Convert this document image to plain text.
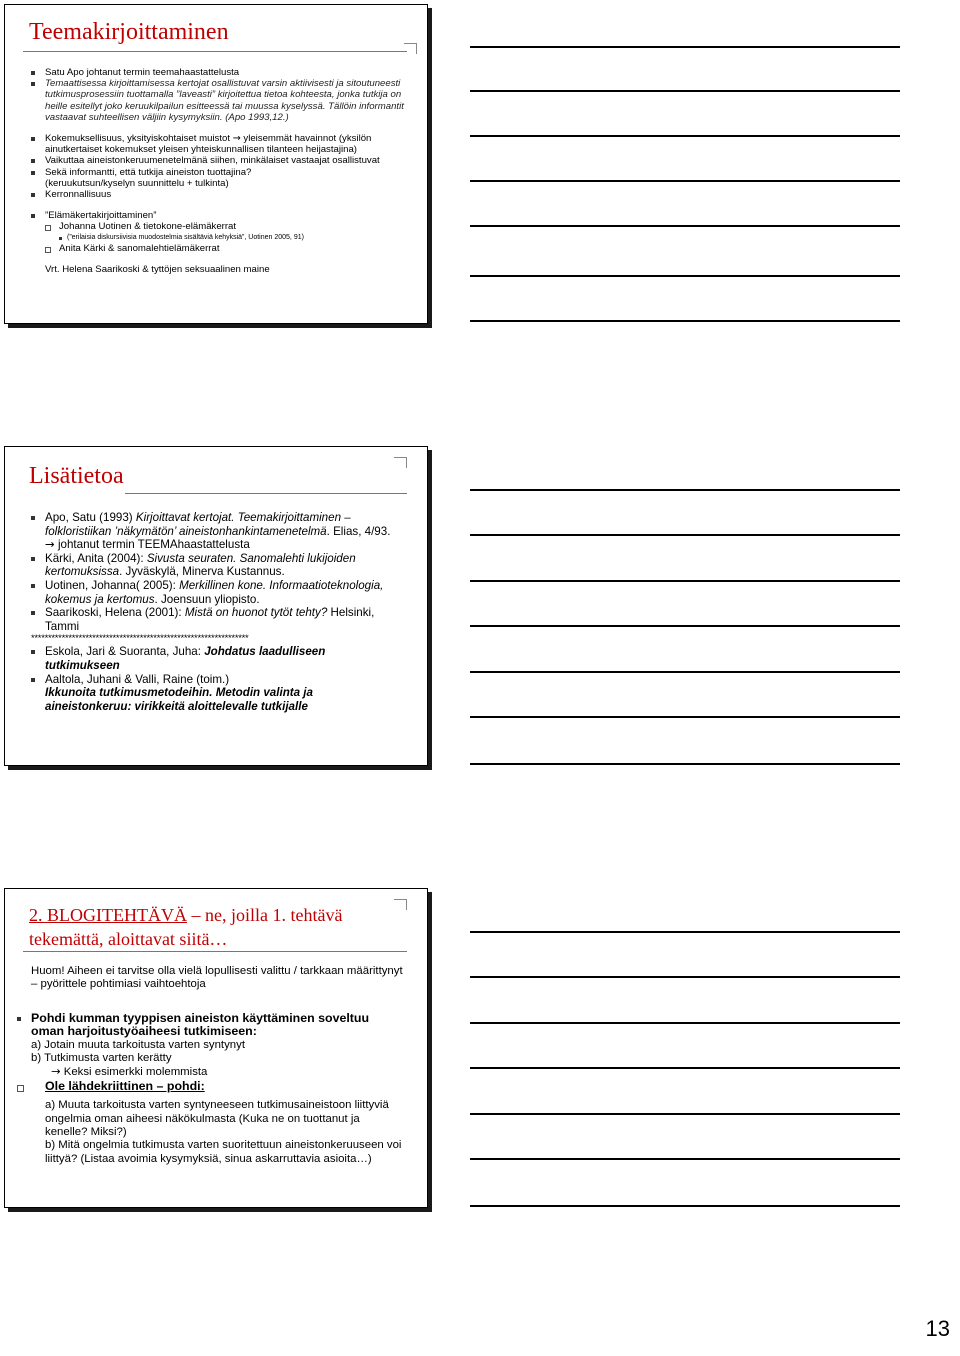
Teemakirjoittaminen
Satu Apo johtanut termin teemahaastattelusta
Temaattisessa kirjoittamisessa kertojat osallistuvat varsin aktiivisesti ja sitoutuneesti tutkimusprosessiin tuottamalla ”laveasti” kirjoitettua tietoa kohteesta, jonka tutkija on heille esitellyt joko keruukilpailun esitteessä tai muussa kyselyssä. Tällöin informantit vastaavat suhteellisen väljiin kysymyksiin. (Apo 1993,12.)
Kokemuksellisuus, yksityiskohtaiset muistot → yleisemmät havainnot (yksilön ainutkertaiset kokemukset yleisen yhteiskunnallisen tilanteen heijastajina)
Vaikuttaa aineistonkeruumenetelmänä siihen, minkälaiset vastaajat osallistuvat
Sekä informantti, että tutkija aineiston tuottajina?
(keruukutsun/kyselyn suunnittelu + tulkinta)
Kerronnallisuus
”Elämäkertakirjoittaminen”
Johanna Uotinen & tietokone-elämäkerrat
(”erilaisia diskursiivisia muodostelmia sisältäviä kehyksiä”, Uotinen 2005, 91)
Anita Kärki & sanomalehtielämäkerrat
Vrt. Helena Saarikoski & tyttöjen seksuaalinen maine
Lisätietoa
Apo, Satu (1993) Kirjoittavat kertojat. Teemakirjoittaminen – folkloristiikan ’näkymätön’ aineistonhankintamenetelmä. Elias, 4/93.
→ johtanut termin TEEMAhaastattelusta
Kärki, Anita (2004): Sivusta seuraten. Sanomalehti lukijoiden kertomuksissa. Jyväskylä, Minerva Kustannus.
Uotinen, Johanna( 2005): Merkillinen kone. Informaatioteknologia, kokemus ja kertomus. Joensuun yliopisto.
Saarikoski, Helena (2001): Mistä on huonot tytöt tehty? Helsinki, Tammi
****************************************************************
Eskola, Jari & Suoranta, Juha: Johdatus laadulliseen tutkimukseen
Aaltola, Juhani & Valli, Raine (toim.)
Ikkunoita tutkimusmetodeihin. Metodin valinta ja aineistonkeruu: virikkeitä aloittelevalle tutkijalle
2. BLOGITEHTÄVÄ – ne, joilla 1. tehtävä tekemättä, aloittavat siitä…
Huom! Aiheen ei tarvitse olla vielä lopullisesti valittu / tarkkaan määrittynyt – pyörittele pohtimiasi vaihtoehtoja
Pohdi kumman tyyppisen aineiston käyttäminen soveltuu oman harjoitustyöaiheesi tutkimiseen:
a) Jotain muuta tarkoitusta varten syntynyt
b) Tutkimusta varten kerätty
→ Keksi esimerkki molemmista
Ole lähdekriittinen – pohdi:
a) Muuta tarkoitusta varten syntyneeseen tutkimusaineistoon liittyviä ongelmia oman aiheesi näkökulmasta (Kuka ne on tuottanut ja kenelle? Miksi?)
b) Mitä ongelmia tutkimusta varten suoritettuun aineistonkeruuseen voi liittyä? (Listaa avoimia kysymyksiä, sinua askarruttavia asioita…)
13
